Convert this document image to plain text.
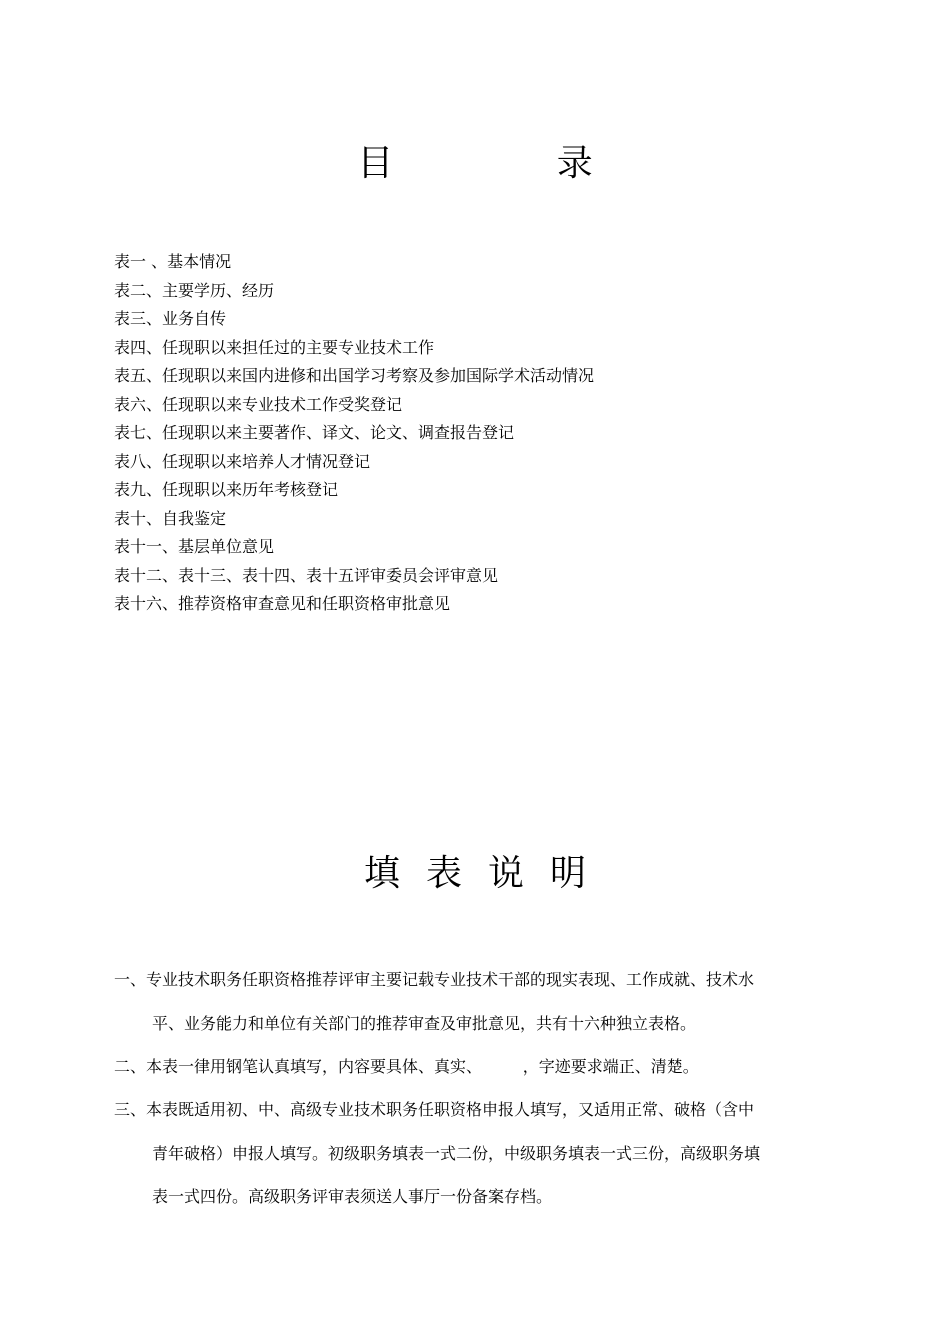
目 录
表一 、基本情况
表二、主要学历、经历
表三、业务自传
表四、任现职以来担任过的主要专业技术工作
表五、任现职以来国内进修和出国学习考察及参加国际学术活动情况
表六、任现职以来专业技术工作受奖登记
表七、任现职以来主要著作、译文、论文、调查报告登记
表八、任现职以来培养人才情况登记
表九、任现职以来历年考核登记
表十、自我鉴定
表十一、基层单位意见
表十二、表十三、表十四、表十五评审委员会评审意见
表十六、推荐资格审查意见和任职资格审批意见
填表说明
一、专业技术职务任职资格推荐评审主要记载专业技术干部的现实表现、工作成就、技术水
平、业务能力和单位有关部门的推荐审查及审批意见，共有十六种独立表格。
二、本表一律用钢笔认真填写，内容要具体、真实、        ，字迹要求端正、清楚。
三、本表既适用初、中、高级专业技术职务任职资格申报人填写，又适用正常、破格（含中
青年破格）申报人填写。初级职务填表一式二份，中级职务填表一式三份，高级职务填
表一式四份。高级职务评审表须送人事厅一份备案存档。
